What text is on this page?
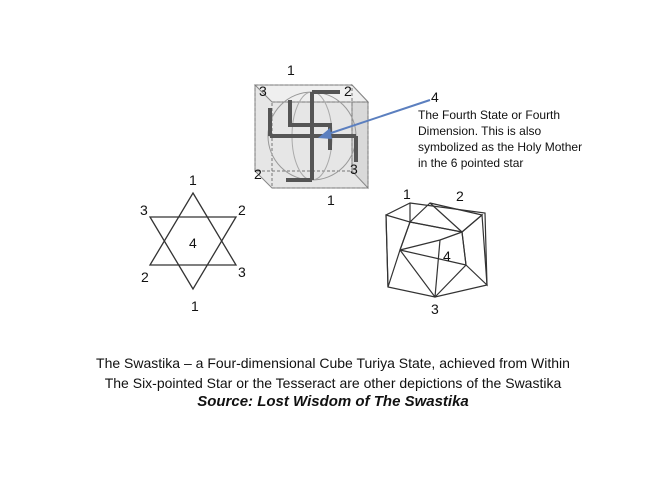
1
3	2
2	3
1
4
The Fourth State or Fourth
Dimension. This is also
symbolized as the Holy Mother
in the 6 pointed star
1
3	2
4
2	3
1
1	2
4
3
The Swastika – a Four-dimensional Cube Turiya State, achieved from Within
The Six-pointed Star or the Tesseract are other depictions of the Swastika
Source: Lost Wisdom of The Swastika
